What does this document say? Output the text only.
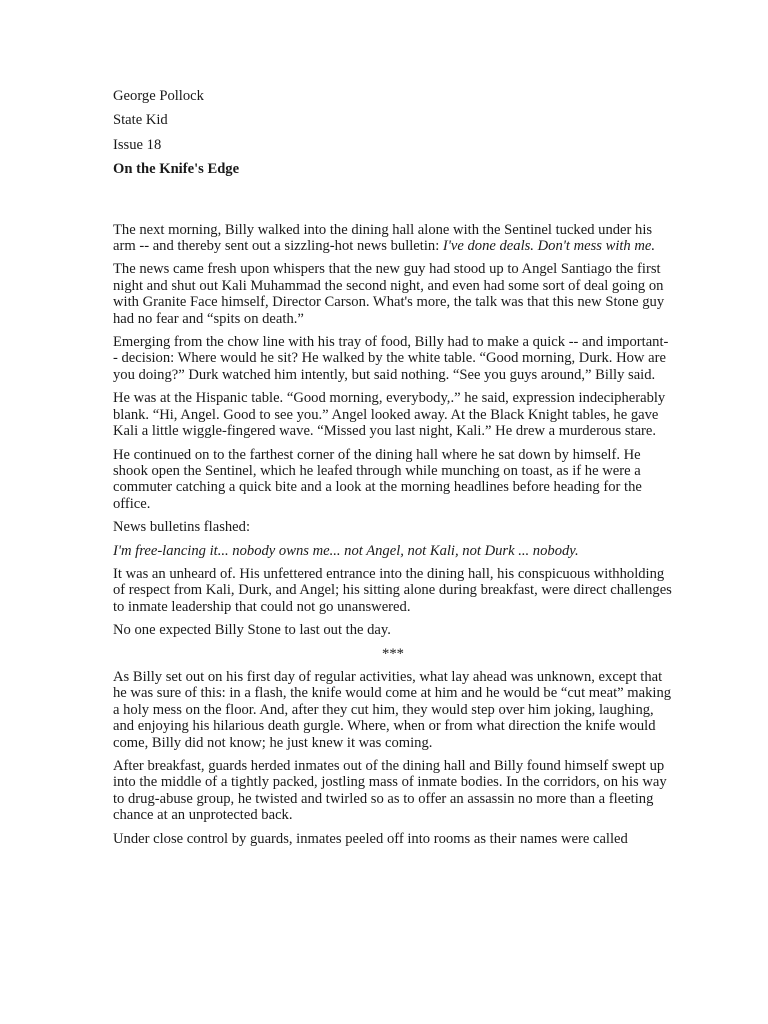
George Pollock
State Kid
Issue 18
On the Knife's Edge

The next morning, Billy walked into the dining hall alone with the Sentinel tucked under his arm -- and thereby sent out a sizzling-hot news bulletin: I've done deals. Don't mess with me.

The news came fresh upon whispers that the new guy had stood up to Angel Santiago the first night and shut out Kali Muhammad the second night, and even had some sort of deal going on with Granite Face himself, Director Carson. What's more, the talk was that this new Stone guy had no fear and “spits on death.”

Emerging from the chow line with his tray of food, Billy had to make a quick -- and important-- decision: Where would he sit? He walked by the white table. “Good morning, Durk. How are you doing?” Durk watched him intently, but said nothing. “See you guys around,” Billy said.

He was at the Hispanic table. “Good morning, everybody,.” he said, expression indecipherably blank. “Hi, Angel. Good to see you.” Angel looked away. At the Black Knight tables, he gave Kali a little wiggle-fingered wave. “Missed you last night, Kali.” He drew a murderous stare.

He continued on to the farthest corner of the dining hall where he sat down by himself. He shook open the Sentinel, which he leafed through while munching on toast, as if he were a commuter catching a quick bite and a look at the morning headlines before heading for the office.

News bulletins flashed:

I'm free-lancing it... nobody owns me... not Angel, not Kali, not Durk ... nobody.

It was an unheard of. His unfettered entrance into the dining hall, his conspicuous withholding of respect from Kali, Durk, and Angel; his sitting alone during breakfast, were direct challenges to inmate leadership that could not go unanswered.

No one expected Billy Stone to last out the day.

***

As Billy set out on his first day of regular activities, what lay ahead was unknown, except that he was sure of this: in a flash, the knife would come at him and he would be “cut meat” making a holy mess on the floor. And, after they cut him, they would step over him joking, laughing, and enjoying his hilarious death gurgle. Where, when or from what direction the knife would come, Billy did not know; he just knew it was coming.

After breakfast, guards herded inmates out of the dining hall and Billy found himself swept up into the middle of a tightly packed, jostling mass of inmate bodies. In the corridors, on his way to drug-abuse group, he twisted and twirled so as to offer an assassin no more than a fleeting chance at an unprotected back.

Under close control by guards, inmates peeled off into rooms as their names were called
